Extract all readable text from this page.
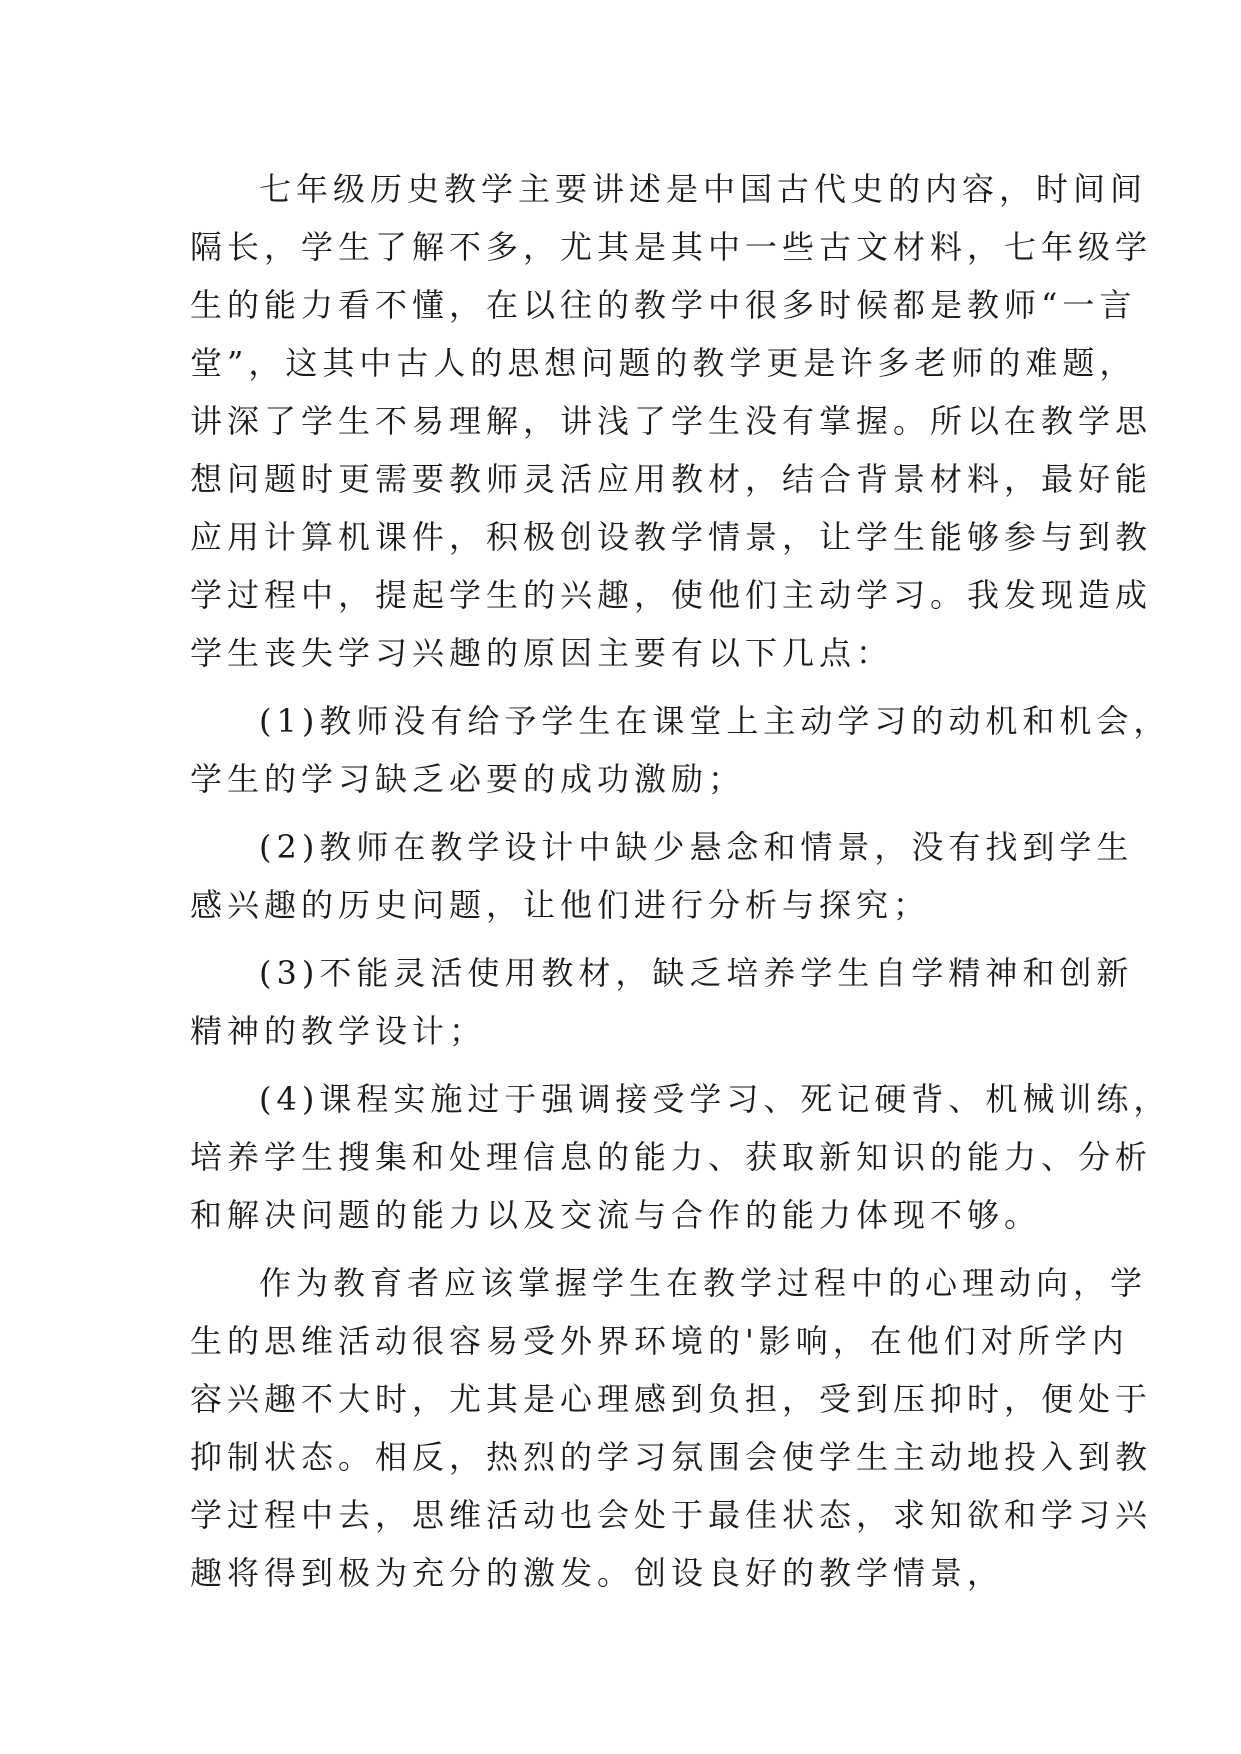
七年级历史教学主要讲述是中国古代史的内容，时间间
隔长，学生了解不多，尤其是其中一些古文材料，七年级学
生的能力看不懂，在以往的教学中很多时候都是教师“一言
堂”，这其中古人的思想问题的教学更是许多老师的难题，
讲深了学生不易理解，讲浅了学生没有掌握。所以在教学思
想问题时更需要教师灵活应用教材，结合背景材料，最好能
应用计算机课件，积极创设教学情景，让学生能够参与到教
学过程中，提起学生的兴趣，使他们主动学习。我发现造成
学生丧失学习兴趣的原因主要有以下几点：
(1)教师没有给予学生在课堂上主动学习的动机和机会，
学生的学习缺乏必要的成功激励；
(2)教师在教学设计中缺少悬念和情景，没有找到学生
感兴趣的历史问题，让他们进行分析与探究；
(3)不能灵活使用教材，缺乏培养学生自学精神和创新
精神的教学设计；
(4)课程实施过于强调接受学习、死记硬背、机械训练，
培养学生搜集和处理信息的能力、获取新知识的能力、分析
和解决问题的能力以及交流与合作的能力体现不够。
作为教育者应该掌握学生在教学过程中的心理动向，学
生的思维活动很容易受外界环境的'影响，在他们对所学内
容兴趣不大时，尤其是心理感到负担，受到压抑时，便处于
抑制状态。相反，热烈的学习氛围会使学生主动地投入到教
学过程中去，思维活动也会处于最佳状态，求知欲和学习兴
趣将得到极为充分的激发。创设良好的教学情景，
